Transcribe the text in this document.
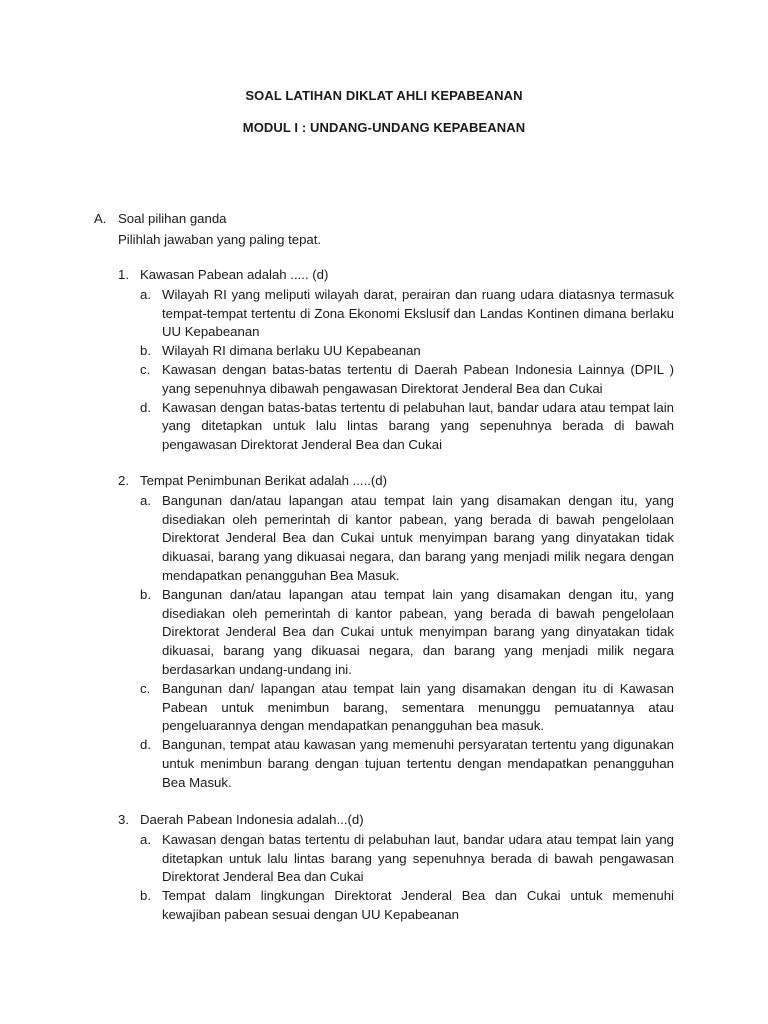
SOAL LATIHAN DIKLAT AHLI KEPABEANAN
MODUL I : UNDANG-UNDANG KEPABEANAN
A. Soal pilihan ganda
Pilihlah jawaban yang paling tepat.
1. Kawasan Pabean adalah ..... (d)
a. Wilayah RI yang meliputi wilayah darat, perairan dan ruang udara diatasnya termasuk tempat-tempat tertentu di Zona Ekonomi Ekslusif dan Landas Kontinen dimana berlaku UU Kepabeanan
b. Wilayah RI dimana berlaku UU Kepabeanan
c. Kawasan dengan batas-batas tertentu di Daerah Pabean Indonesia Lainnya (DPIL ) yang sepenuhnya dibawah pengawasan Direktorat Jenderal Bea dan Cukai
d. Kawasan dengan batas-batas tertentu di pelabuhan laut, bandar udara atau tempat lain yang ditetapkan untuk lalu lintas barang yang sepenuhnya berada di bawah pengawasan Direktorat Jenderal Bea dan Cukai
2. Tempat Penimbunan Berikat adalah .....(d)
a. Bangunan dan/atau lapangan atau tempat lain yang disamakan dengan itu, yang disediakan oleh pemerintah di kantor pabean, yang berada di bawah pengelolaan Direktorat Jenderal Bea dan Cukai untuk menyimpan barang yang dinyatakan tidak dikuasai, barang yang dikuasai negara, dan barang yang menjadi milik negara dengan mendapatkan penangguhan Bea Masuk.
b. Bangunan dan/atau lapangan atau tempat lain yang disamakan dengan itu, yang disediakan oleh pemerintah di kantor pabean, yang berada di bawah pengelolaan Direktorat Jenderal Bea dan Cukai untuk menyimpan barang yang dinyatakan tidak dikuasai, barang yang dikuasai negara, dan barang yang menjadi milik negara berdasarkan undang-undang ini.
c. Bangunan dan/ lapangan atau tempat lain yang disamakan dengan itu di Kawasan Pabean untuk menimbun barang, sementara menunggu pemuatannya atau pengeluarannya dengan mendapatkan penangguhan bea masuk.
d. Bangunan, tempat atau kawasan yang memenuhi persyaratan tertentu yang digunakan untuk menimbun barang dengan tujuan tertentu dengan mendapatkan penangguhan Bea Masuk.
3. Daerah Pabean Indonesia adalah...(d)
a. Kawasan dengan batas tertentu di pelabuhan laut, bandar udara atau tempat lain yang ditetapkan untuk lalu lintas barang yang sepenuhnya berada di bawah pengawasan Direktorat Jenderal Bea dan Cukai
b. Tempat dalam lingkungan Direktorat Jenderal Bea dan Cukai untuk memenuhi kewajiban pabean sesuai dengan UU Kepabeanan
